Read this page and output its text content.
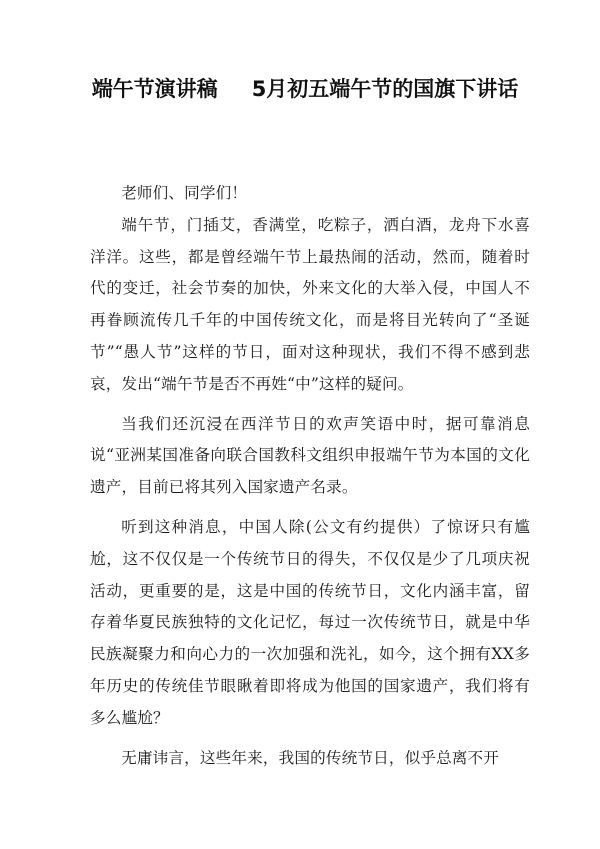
端午节演讲稿 5月初五端午节的国旗下讲话

老师们、同学们！

端午节，门插艾，香满堂，吃粽子，洒白酒，龙舟下水喜洋洋。这些，都是曾经端午节上最热闹的活动，然而，随着时代的变迁，社会节奏的加快，外来文化的大举入侵，中国人不再眷顾流传几千年的中国传统文化，而是将目光转向了“圣诞节”“愚人节”这样的节日，面对这种现状，我们不得不感到悲哀，发出“端午节是否不再姓“中”这样的疑问。

当我们还沉浸在西洋节日的欢声笑语中时，据可靠消息说“亚洲某国准备向联合国教科文组织申报端午节为本国的文化遗产，目前已将其列入国家遗产名录。

听到这种消息，中国人除(公文有约提供）了惊讶只有尴尬，这不仅仅是一个传统节日的得失，不仅仅是少了几项庆祝活动，更重要的是，这是中国的传统节日，文化内涵丰富，留存着华夏民族独特的文化记忆，每过一次传统节日，就是中华民族凝聚力和向心力的一次加强和洗礼，如今，这个拥有XX多年历史的传统佳节眼瞅着即将成为他国的国家遗产，我们将有多么尴尬？

无庸讳言，这些年来，我国的传统节日，似乎总离不开
